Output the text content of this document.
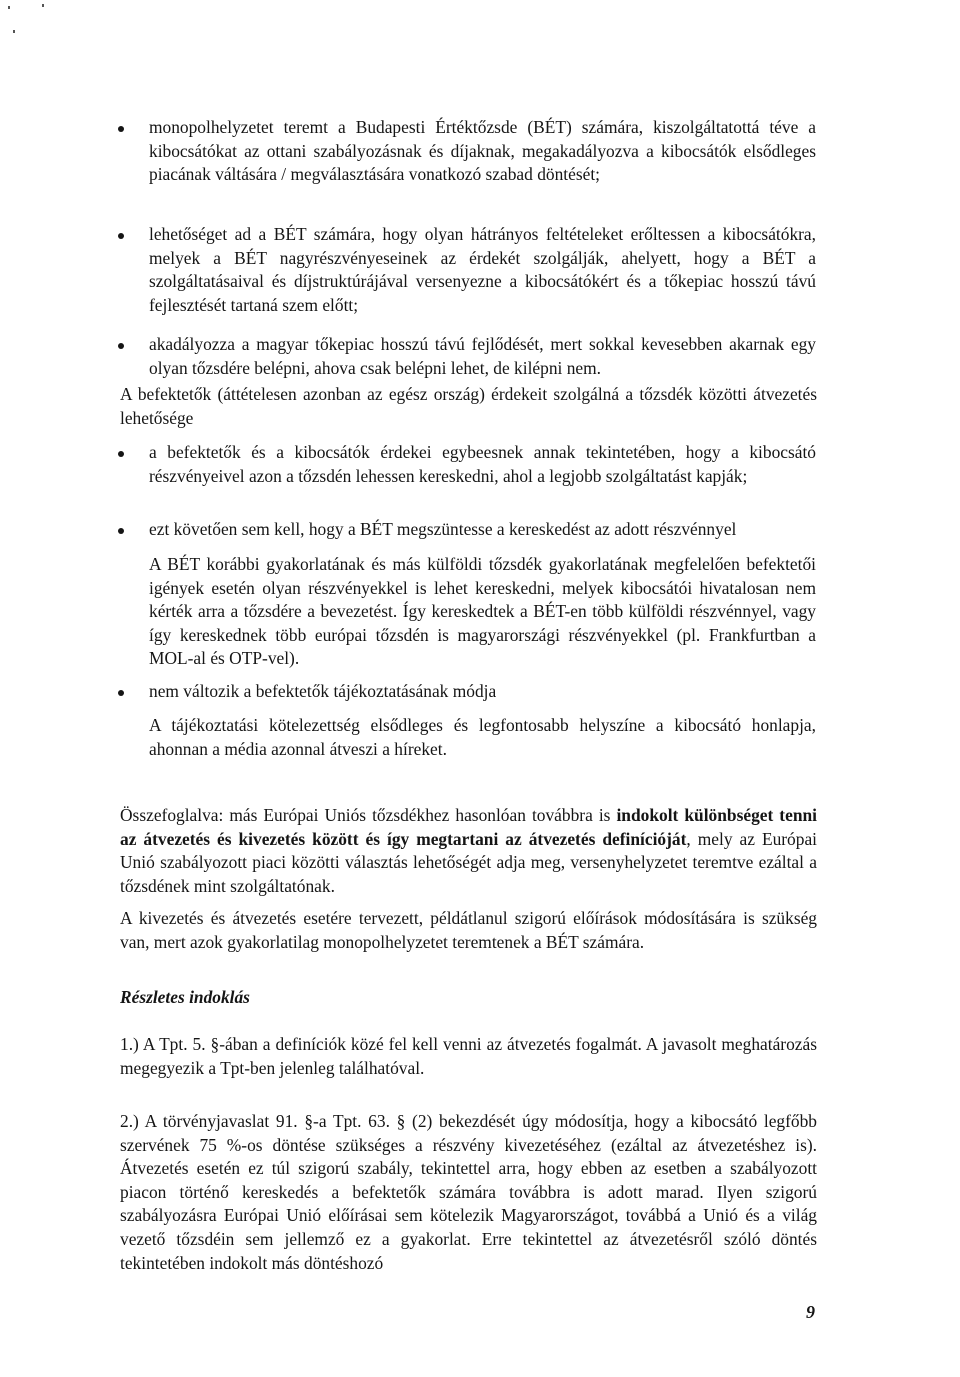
monopolhelyzetet teremt a Budapesti Értéktőzsde (BÉT) számára, kiszolgáltatottá téve a kibocsátókat az ottani szabályozásnak és díjaknak, megakadályozva a kibocsátók elsődleges piacának váltására / megválasztására vonatkozó szabad döntését;

lehetőséget ad a BÉT számára, hogy olyan hátrányos feltételeket erőltessen a kibocsátókra, melyek a BÉT nagyrészvényeseinek az érdekét szolgálják, ahelyett, hogy a BÉT a szolgáltatásaival és díjstruktúrájával versenyezne a kibocsátókért és a tőkepiac hosszú távú fejlesztését tartaná szem előtt;

akadályozza a magyar tőkepiac hosszú távú fejlődését, mert sokkal kevesebben akarnak egy olyan tőzsdére belépni, ahova csak belépni lehet, de kilépni nem.

A befektetők (áttételesen azonban az egész ország) érdekeit szolgálná a tőzsdék közötti átvezetés lehetősége

a befektetők és a kibocsátók érdekei egybeesnek annak tekintetében, hogy a kibocsátó részvényeivel azon a tőzsdén lehessen kereskedni, ahol a legjobb szolgáltatást kapják;

ezt követően sem kell, hogy a BÉT megszüntesse a kereskedést az adott részvénnyel

A BÉT korábbi gyakorlatának és más külföldi tőzsdék gyakorlatának megfelelően befektetői igények esetén olyan részvényekkel is lehet kereskedni, melyek kibocsátói hivatalosan nem kérték arra a tőzsdére a bevezetést. Így kereskedtek a BÉT-en több külföldi részvénnyel, vagy így kereskednek több európai tőzsdén is magyarországi részvényekkel (pl. Frankfurtban a MOL-al és OTP-vel).

nem változik a befektetők tájékoztatásának módja

A tájékoztatási kötelezettség elsődleges és legfontosabb helyszíne a kibocsátó honlapja, ahonnan a média azonnal átveszi a híreket.

Összefoglalva: más Európai Uniós tőzsdékhez hasonlóan továbbra is indokolt különbséget tenni az átvezetés és kivezetés között és így megtartani az átvezetés definícióját, mely az Európai Unió szabályozott piaci közötti választás lehetőségét adja meg, versenyhelyzetet teremtve ezáltal a tőzsdének mint szolgáltatónak.

A kivezetés és átvezetés esetére tervezett, példátlanul szigorú előírások módosítására is szükség van, mert azok gyakorlatilag monopolhelyzetet teremtenek a BÉT számára.

Részletes indoklás

1.) A Tpt. 5. §-ában a definíciók közé fel kell venni az átvezetés fogalmát. A javasolt meghatározás megegyezik a Tpt-ben jelenleg találhatóval.

2.) A törvényjavaslat 91. §-a Tpt. 63. § (2) bekezdését úgy módosítja, hogy a kibocsátó legfőbb szervének 75 %-os döntése szükséges a részvény kivezetéséhez (ezáltal az átvezetéshez is). Átvezetés esetén ez túl szigorú szabály, tekintettel arra, hogy ebben az esetben a szabályozott piacon történő kereskedés a befektetők számára továbbra is adott marad. Ilyen szigorú szabályozásra Európai Unió előírásai sem kötelezik Magyarországot, továbbá a Unió és a világ vezető tőzsdéin sem jellemző ez a gyakorlat. Erre tekintettel az átvezetésről szóló döntés tekintetében indokolt más döntéshozó

9
